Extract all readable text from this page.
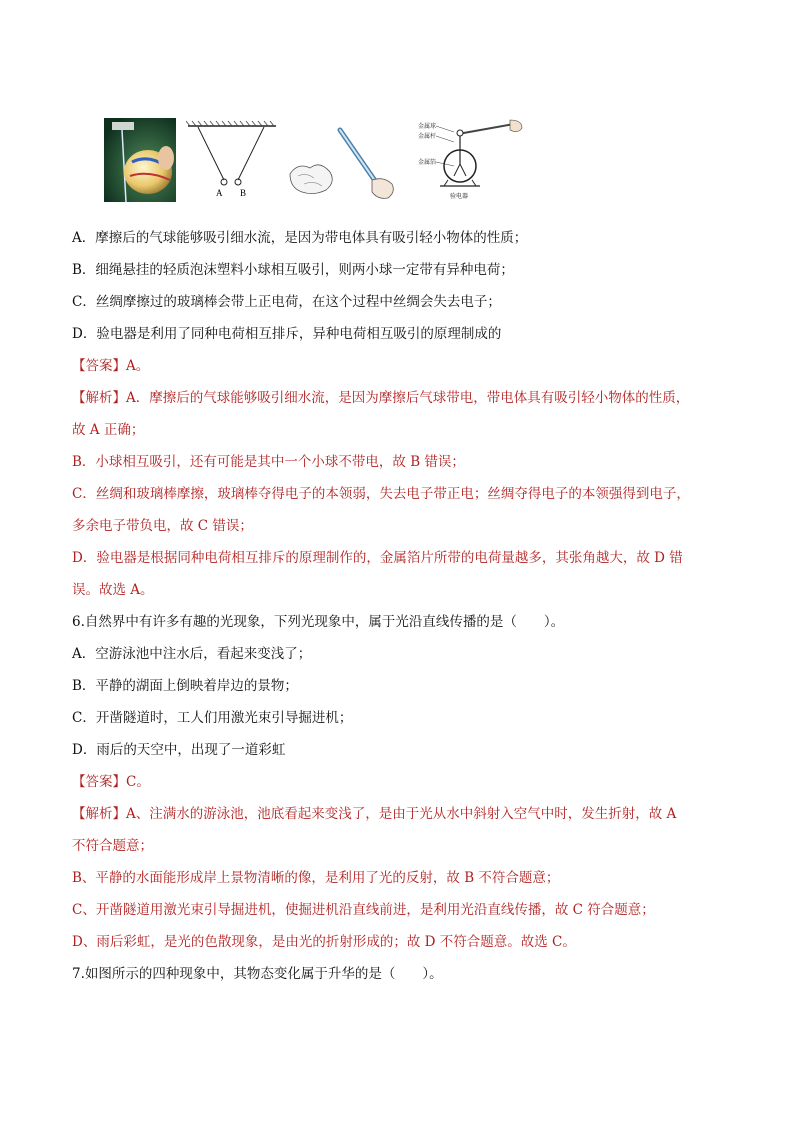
A B
金属球
金属杆
金属箔
验电器
A．摩擦后的气球能够吸引细水流，是因为带电体具有吸引轻小物体的性质；
B．细绳悬挂的轻质泡沫塑料小球相互吸引，则两小球一定带有异种电荷；
C．丝绸摩擦过的玻璃棒会带上正电荷，在这个过程中丝绸会失去电子；
D．验电器是利用了同种电荷相互排斥，异种电荷相互吸引的原理制成的
【答案】A。
【解析】A．摩擦后的气球能够吸引细水流，是因为摩擦后气球带电，带电体具有吸引轻小物体的性质，
故 A 正确；
B．小球相互吸引，还有可能是其中一个小球不带电，故 B 错误；
C．丝绸和玻璃棒摩擦，玻璃棒夺得电子的本领弱，失去电子带正电；丝绸夺得电子的本领强得到电子，
多余电子带负电，故 C 错误；
D．验电器是根据同种电荷相互排斥的原理制作的，金属箔片所带的电荷量越多，其张角越大，故 D 错
误。故选 A。
6.自然界中有许多有趣的光现象，下列光现象中，属于光沿直线传播的是（　　）。
A．空游泳池中注水后，看起来变浅了；
B．平静的湖面上倒映着岸边的景物；
C．开凿隧道时，工人们用激光束引导掘进机；
D．雨后的天空中，出现了一道彩虹
【答案】C。
【解析】A、注满水的游泳池，池底看起来变浅了，是由于光从水中斜射入空气中时，发生折射，故 A
不符合题意；
B、平静的水面能形成岸上景物清晰的像，是利用了光的反射，故 B 不符合题意；
C、开凿隧道用激光束引导掘进机，使掘进机沿直线前进，是利用光沿直线传播，故 C 符合题意；
D、雨后彩虹，是光的色散现象，是由光的折射形成的；故 D 不符合题意。故选 C。
7.如图所示的四种现象中，其物态变化属于升华的是（　　）。
